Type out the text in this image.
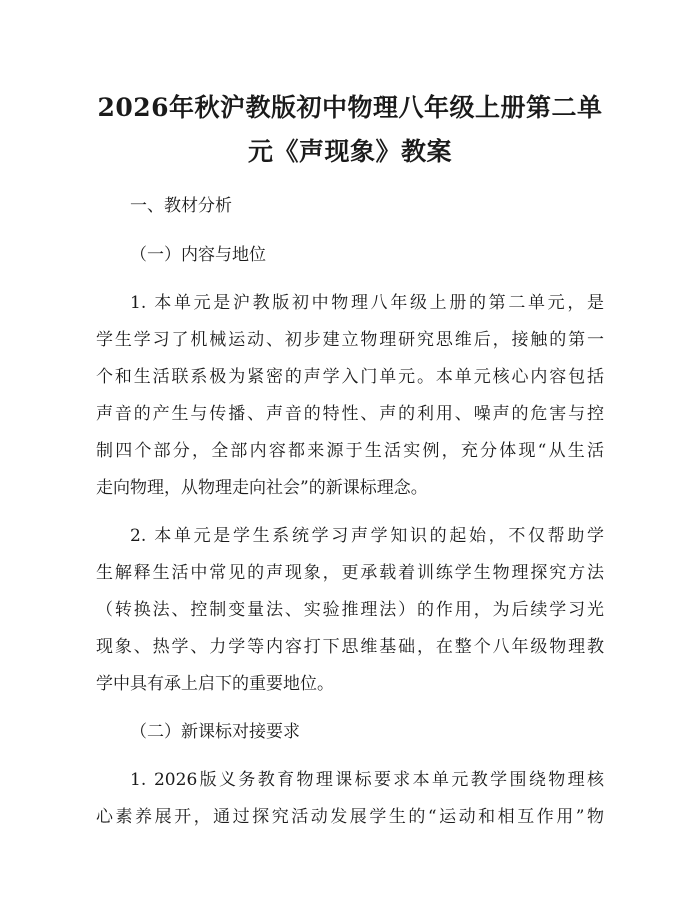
2026年秋沪教版初中物理八年级上册第二单
元《声现象》教案

一、教材分析

（一）内容与地位

1. 本单元是沪教版初中物理八年级上册的第二单元，是

学生学习了机械运动、初步建立物理研究思维后，接触的第一

个和生活联系极为紧密的声学入门单元。本单元核心内容包括

声音的产生与传播、声音的特性、声的利用、噪声的危害与控

制四个部分，全部内容都来源于生活实例，充分体现“从生活

走向物理，从物理走向社会”的新课标理念。

2. 本单元是学生系统学习声学知识的起始，不仅帮助学

生解释生活中常见的声现象，更承载着训练学生物理探究方法

（转换法、控制变量法、实验推理法）的作用，为后续学习光

现象、热学、力学等内容打下思维基础，在整个八年级物理教

学中具有承上启下的重要地位。

（二）新课标对接要求

1. 2026版义务教育物理课标要求本单元教学围绕物理核

心素养展开，通过探究活动发展学生的“运动和相互作用”物
